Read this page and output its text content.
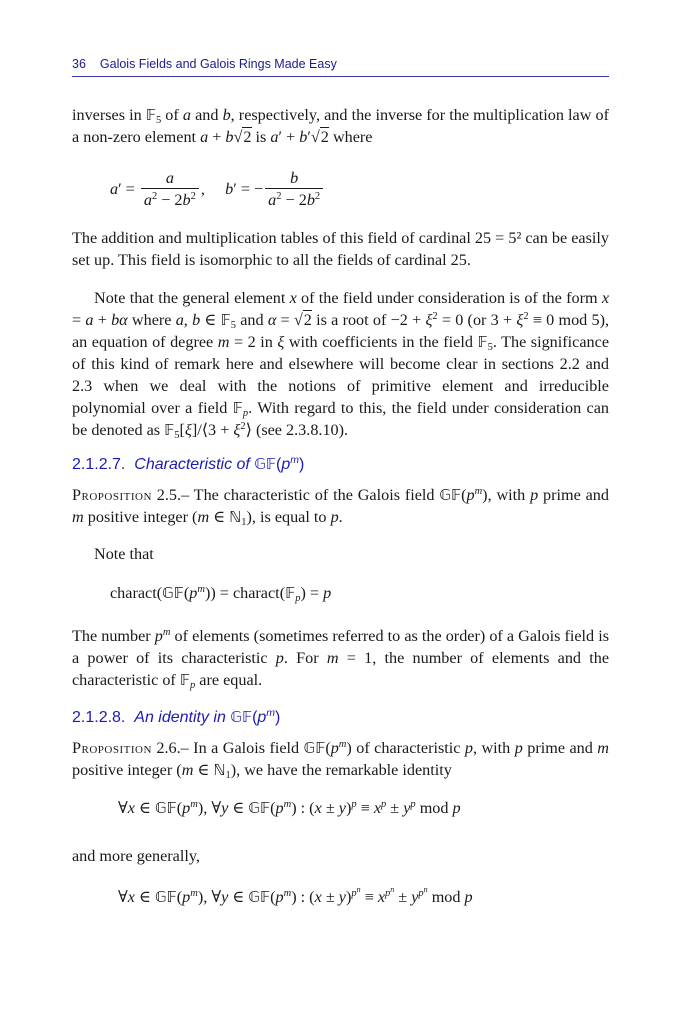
36 Galois Fields and Galois Rings Made Easy

inverses in 𝔽$_5$ of a and b, respectively, and the inverse for the multiplication law of a non-zero element a + b√2 is a′ + b′√2 where

$a' = \frac{a}{a^2 - 2b^2}$ ,     b′ = − $\frac{b}{a^2 - 2b^2}$

The addition and multiplication tables of this field of cardinal 25 = 5² can be easily set up. This field is isomorphic to all the fields of cardinal 25.

Note that the general element x of the field under consideration is of the form x = a + bα where a, b ∈ 𝔽$_5$ and α = √2 is a root of $-2 + \xi^2 = 0$ (or $3 + \xi^2 \equiv 0$ mod 5), an equation of degree m = 2 in ξ with coefficients in the field 𝔽$_5$. The significance of this kind of remark here and elsewhere will become clear in sections 2.2 and 2.3 when we deal with the notions of primitive element and irreducible polynomial over a field 𝔽$_p$. With regard to this, the field under consideration can be denoted as 𝔽$_5$[ξ]/⟨3 + $\xi^2⟩$ (see 2.3.8.10).

2.1.2.7. Characteristic of $𝔾𝔽(p^m)$

Proposition 2.5.– The characteristic of the Galois field $𝔾𝔽(p^m)$, with p prime and m positive integer (m ∈ ℕ$_1$), is equal to p.

Note that
$charact(𝔾𝔽(p^m))$ = charact(𝔽$_p$) = p

The number $p^m$ of elements (sometimes referred to as the order) of a Galois field is a power of its characteristic p. For m = 1, the number of elements and the characteristic of 𝔽$_p$ are equal.

2.1.2.8. An identity in $𝔾𝔽(p^m)$

Proposition 2.6.– In a Galois field $𝔾𝔽(p^m)$ of characteristic p, with p prime and m positive integer (m ∈ ℕ$_1$), we have the remarkable identity

∀x ∈ $𝔾𝔽(p^m)$, ∀y ∈ $𝔾𝔽(p^m)$ : $(x \pm y)^p \equiv x^p \pm y^p$ mod p
and more generally,
∀x ∈ $𝔾𝔽(p^m)$, ∀y ∈ $𝔾𝔽(p^m)$ : $(x \pm y)^{p^n} \equiv x^{p^n} \pm y^{p^n}$ mod p
